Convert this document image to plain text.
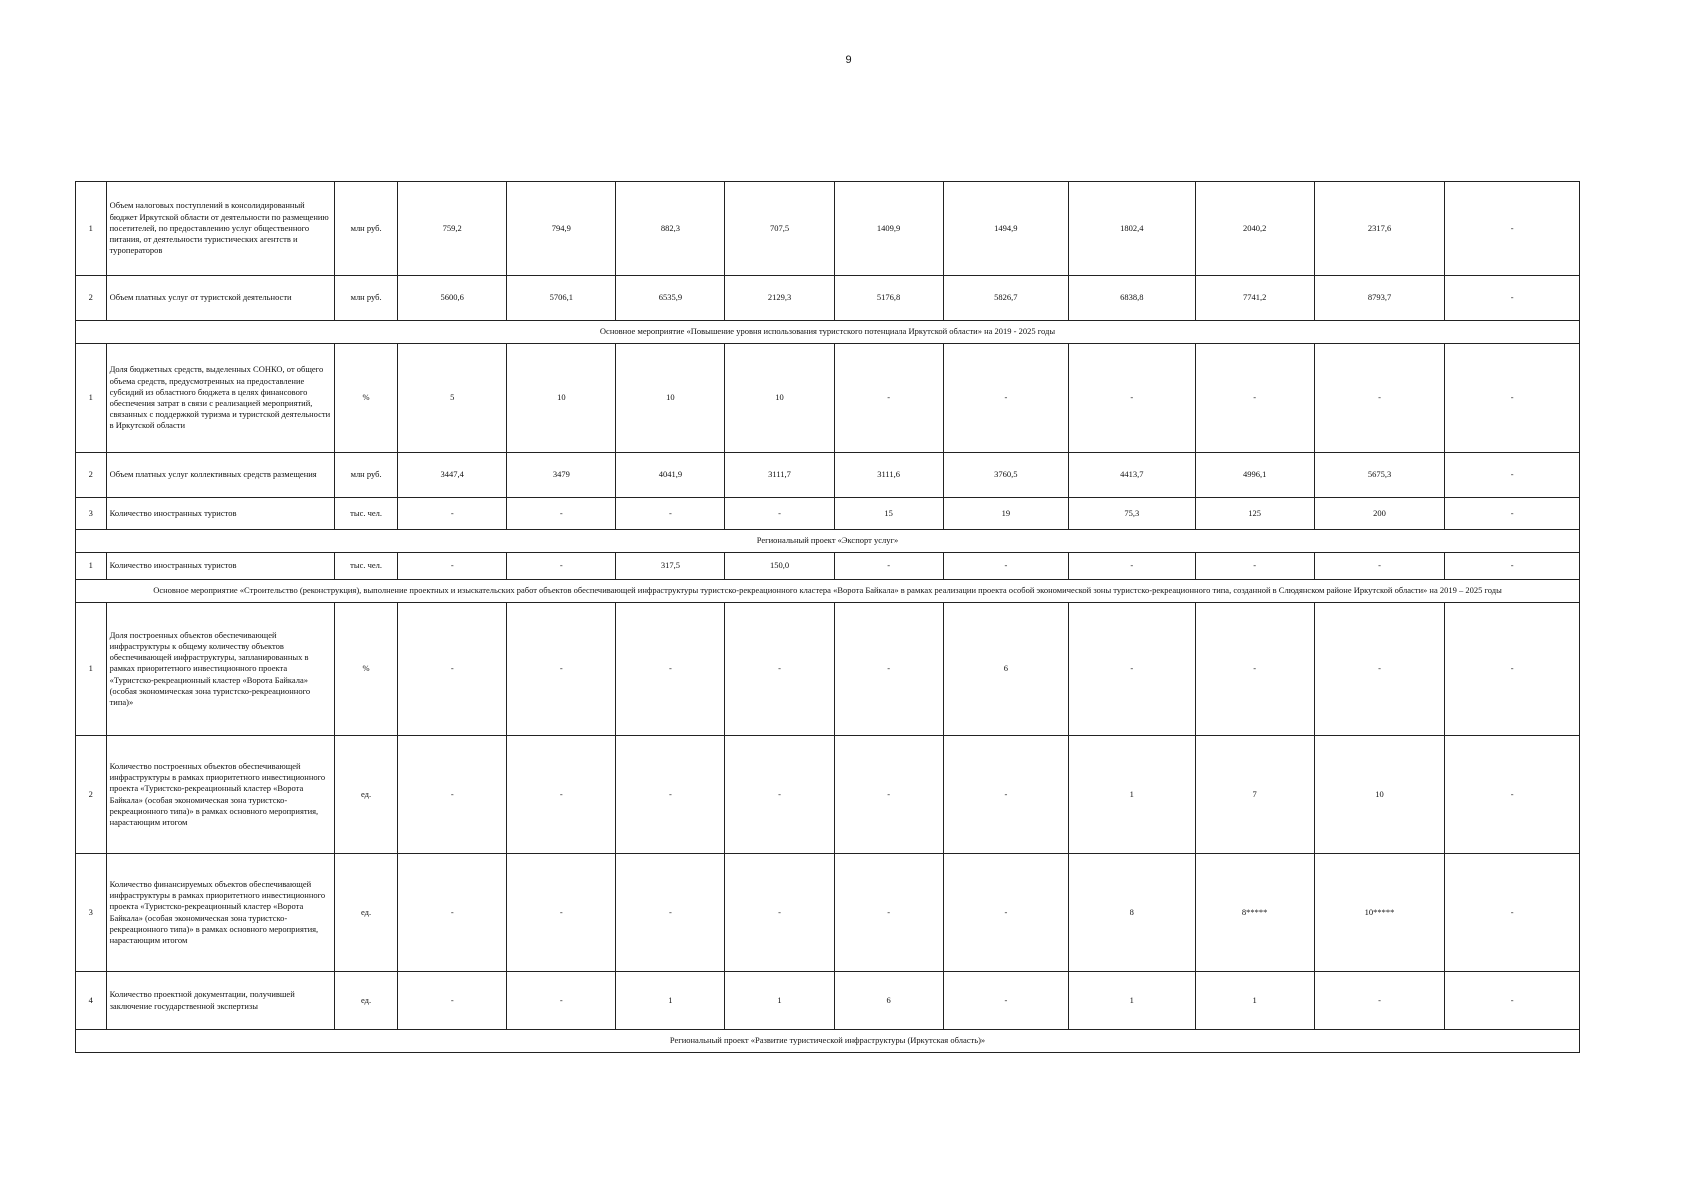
9
1	Объем налоговых поступлений в консолидированный бюджет Иркутской области от деятельности по размещению посетителей, по предоставлению услуг общественного питания, от деятельности туристических агентств и туроператоров	млн руб.	759,2	794,9	882,3	707,5	1409,9	1494,9	1802,4	2040,2	2317,6	-
2	Объем платных услуг от туристской деятельности	млн руб.	5600,6	5706,1	6535,9	2129,3	5176,8	5826,7	6838,8	7741,2	8793,7	-
Основное мероприятие «Повышение уровня использования туристского потенциала Иркутской области» на 2019 - 2025 годы												
1	Доля бюджетных средств, выделенных СОНКО, от общего объема средств, предусмотренных на предоставление субсидий из областного бюджета в целях финансового обеспечения затрат в связи с реализацией мероприятий, связанных с поддержкой туризма и туристской деятельности в Иркутской области	%	5	10	10	10	-	-	-	-	-	-
2	Объем платных услуг коллективных средств размещения	млн руб.	3447,4	3479	4041,9	3111,7	3111,6	3760,5	4413,7	4996,1	5675,3	-
3	Количество иностранных туристов	тыс. чел.	-	-	-	-	15	19	75,3	125	200	-
Региональный проект «Экспорт услуг»												
1	Количество иностранных туристов	тыс. чел.	-	-	317,5	150,0	-	-	-	-	-	-
Основное мероприятие «Строительство (реконструкция), выполнение проектных и изыскательских работ объектов обеспечивающей инфраструктуры туристско-рекреационного кластера «Ворота Байкала» в рамках реализации проекта особой экономической зоны туристско-рекреационного типа, созданной в Слюдянском районе Иркутской области» на 2019 – 2025 годы												
1	Доля построенных объектов обеспечивающей инфраструктуры к общему количеству объектов обеспечивающей инфраструктуры, запланированных в рамках приоритетного инвестиционного проекта «Туристско-рекреационный кластер «Ворота Байкала» (особая экономическая зона туристско-рекреационного типа)»	%	-	-	-	-	-	6	-	-	-	-
2	Количество построенных объектов обеспечивающей инфраструктуры в рамках приоритетного инвестиционного проекта «Туристско-рекреационный кластер «Ворота Байкала» (особая экономическая зона туристско-рекреационного типа)» в рамках основного мероприятия, нарастающим итогом	ед.	-	-	-	-	-	-	1	7	10	-
3	Количество финансируемых объектов обеспечивающей инфраструктуры в рамках приоритетного инвестиционного проекта «Туристско-рекреационный кластер «Ворота Байкала» (особая экономическая зона туристско-рекреационного типа)» в рамках основного мероприятия, нарастающим итогом	ед.	-	-	-	-	-	-	8	8*****	10*****	-
4	Количество проектной документации, получившей заключение государственной экспертизы	ед.	-	-	1	1	6	-	1	1	-	-
Региональный проект «Развитие туристической инфраструктуры (Иркутская область)»												
